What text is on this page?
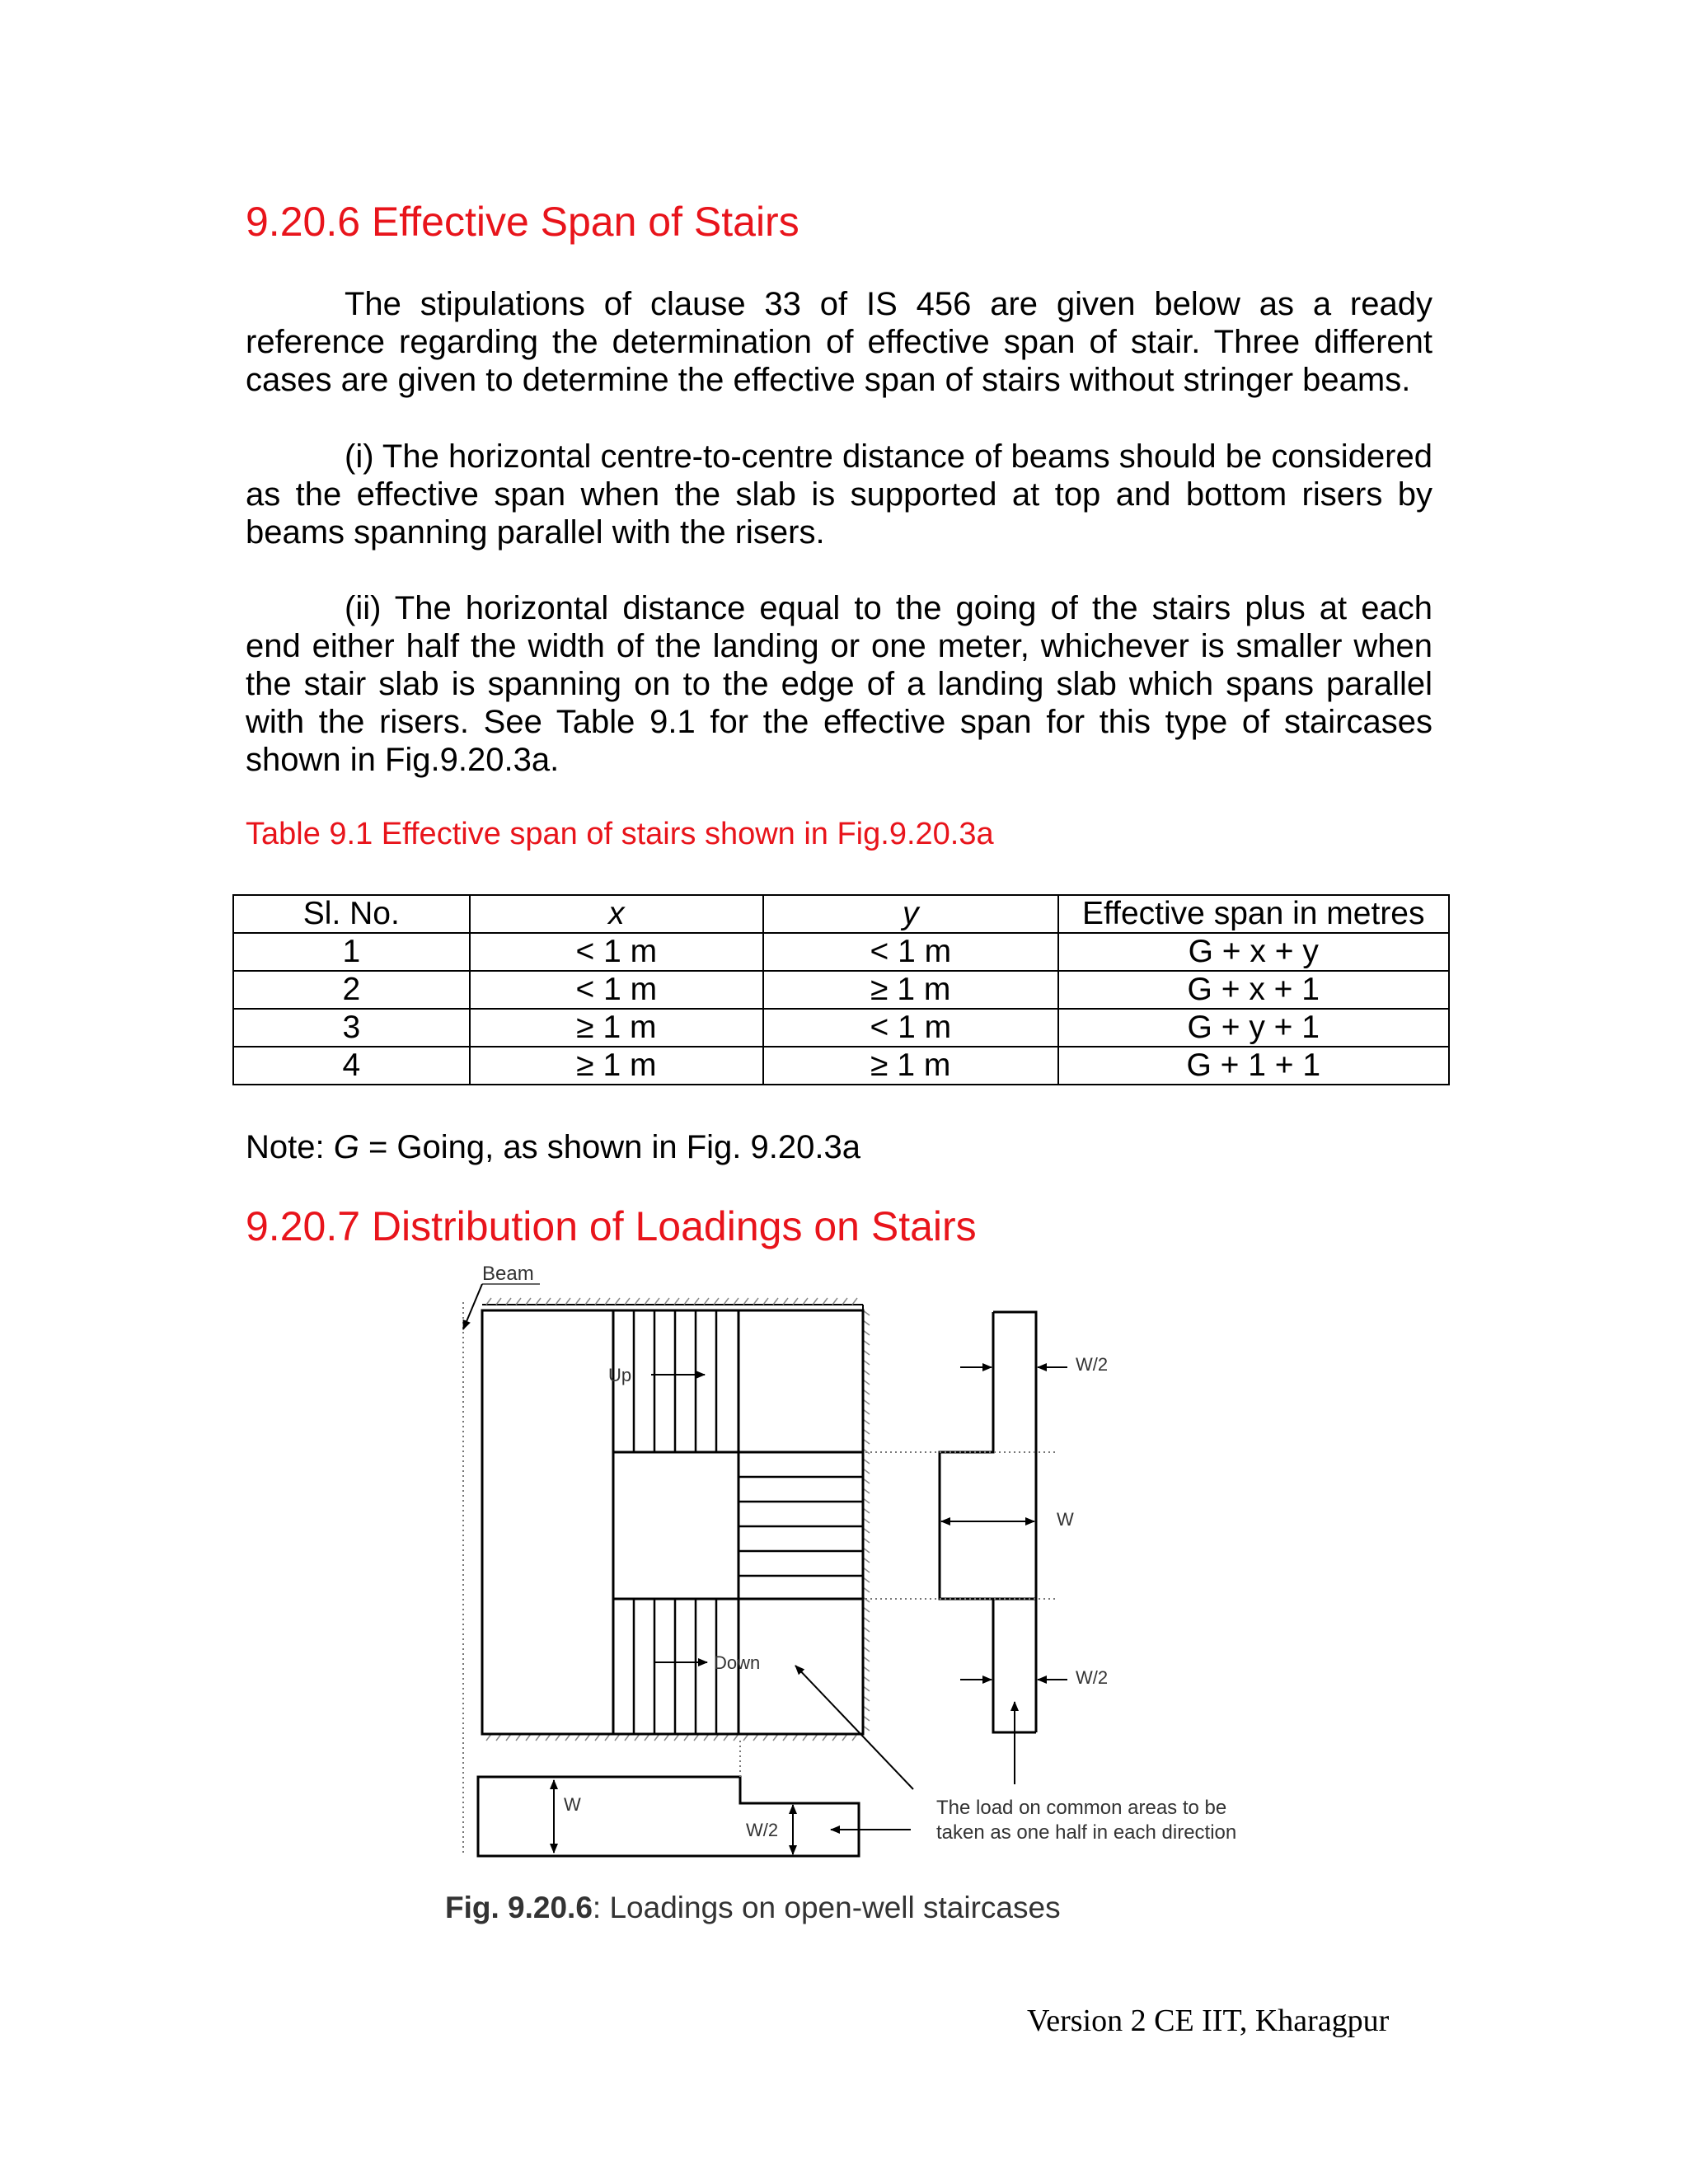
9.20.6 Effective Span of Stairs

The stipulations of clause 33 of IS 456 are given below as a ready reference regarding the determination of effective span of stair. Three different cases are given to determine the effective span of stairs without stringer beams.

(i) The horizontal centre-to-centre distance of beams should be considered as the effective span when the slab is supported at top and bottom risers by beams spanning parallel with the risers.

(ii) The horizontal distance equal to the going of the stairs plus at each end either half the width of the landing or one meter, whichever is smaller when the stair slab is spanning on to the edge of a landing slab which spans parallel with the risers. See Table 9.1 for the effective span for this type of staircases shown in Fig.9.20.3a.

Table 9.1 Effective span of stairs shown in Fig.9.20.3a

Sl. No.	x	y	Effective span in metres
1	< 1 m	< 1 m	G + x + y
2	< 1 m	≥ 1 m	G + x + 1
3	≥ 1 m	< 1 m	G + y + 1
4	≥ 1 m	≥ 1 m	G + 1 + 1

Note: G = Going, as shown in Fig. 9.20.3a

9.20.7 Distribution of Loadings on Stairs
Beam
Up
Down
W/2
W
W/2
W
W/2
The load on common areas to be
taken as one half in each direction
Fig. 9.20.6: Loadings on open-well staircases

Version 2 CE IIT, Kharagpur
